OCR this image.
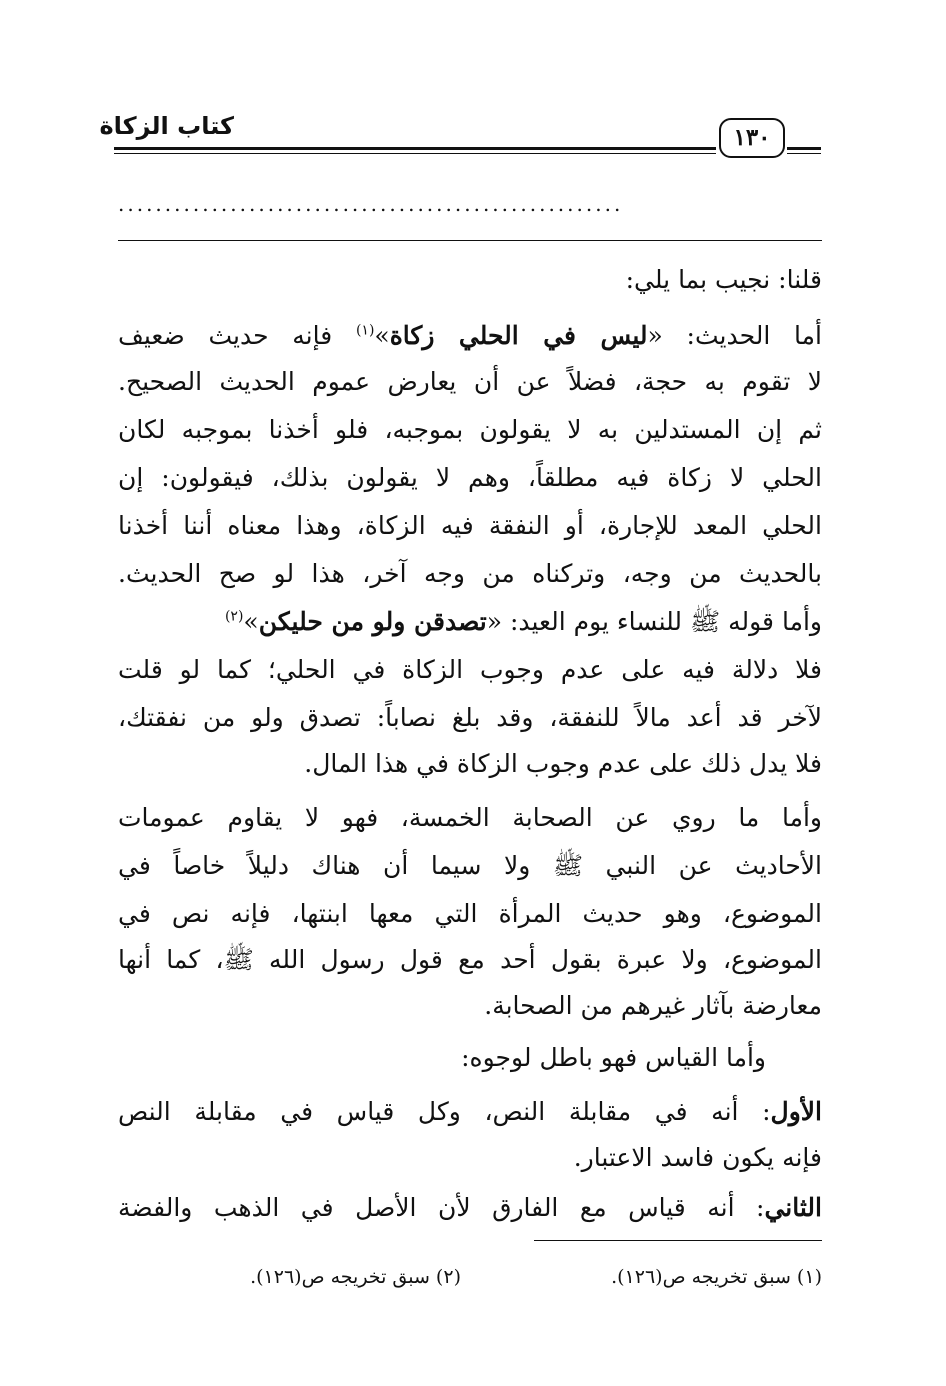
كتاب الزكاة	١٣٠
......................................................
قلنا: نجيب بما يلي:
أما الحديث: «ليس في الحلي زكاة»$^{(١)}$ فإنه حديث ضعيف
لا تقوم به حجة، فضلاً عن أن يعارض عموم الحديث الصحيح.
ثم إن المستدلين به لا يقولون بموجبه، فلو أخذنا بموجبه لكان
الحلي لا زكاة فيه مطلقاً، وهم لا يقولون بذلك، فيقولون: إن
الحلي المعد للإجارة، أو النفقة فيه الزكاة، وهذا معناه أننا أخذنا
بالحديث من وجه، وتركناه من وجه آخر، هذا لو صح الحديث.
وأما قوله ﷺ للنساء يوم العيد: «تصدقن ولو من حليكن»$^{(٢)}$
فلا دلالة فيه على عدم وجوب الزكاة في الحلي؛ كما لو قلت
لآخر قد أعد مالاً للنفقة، وقد بلغ نصاباً: تصدق ولو من نفقتك،
فلا يدل ذلك على عدم وجوب الزكاة في هذا المال.
وأما ما روي عن الصحابة الخمسة، فهو لا يقاوم عمومات
الأحاديث عن النبي ﷺ ولا سيما أن هناك دليلاً خاصاً في
الموضوع، وهو حديث المرأة التي معها ابنتها، فإنه نص في
الموضوع، ولا عبرة بقول أحد مع قول رسول الله ﷺ، كما أنها
معارضة بآثار غيرهم من الصحابة.
وأما القياس فهو باطل لوجوه:
الأول: أنه في مقابلة النص، وكل قياس في مقابلة النص
فإنه يكون فاسد الاعتبار.
الثاني: أنه قياس مع الفارق لأن الأصل في الذهب والفضة
(١) سبق تخريجه ص(١٢٦).
(٢) سبق تخريجه ص(١٢٦).
